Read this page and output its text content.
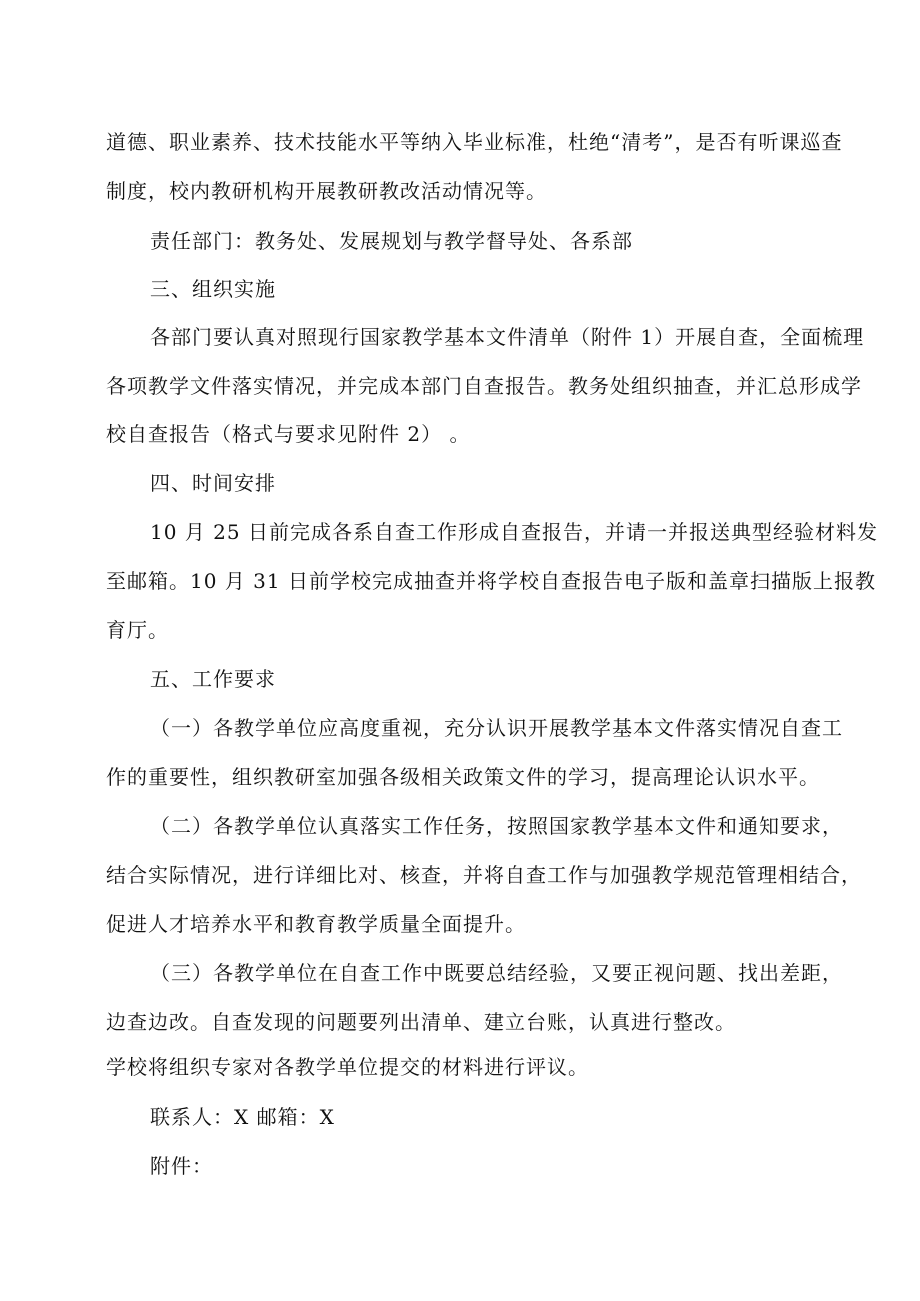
道德、职业素养、技术技能水平等纳入毕业标准，杜绝“清考”，是否有听课巡查
制度，校内教研机构开展教研教改活动情况等。
责任部门：教务处、发展规划与教学督导处、各系部
三、组织实施
各部门要认真对照现行国家教学基本文件清单（附件 1）开展自查，全面梳理
各项教学文件落实情况，并完成本部门自查报告。教务处组织抽查，并汇总形成学
校自查报告（格式与要求见附件 2） 。
四、时间安排
10 月 25 日前完成各系自查工作形成自查报告，并请一并报送典型经验材料发
至邮箱。10 月 31 日前学校完成抽查并将学校自查报告电子版和盖章扫描版上报教
育厅。
五、工作要求
（一）各教学单位应高度重视，充分认识开展教学基本文件落实情况自查工
作的重要性，组织教研室加强各级相关政策文件的学习，提高理论认识水平。
（二）各教学单位认真落实工作任务，按照国家教学基本文件和通知要求，
结合实际情况，进行详细比对、核查，并将自查工作与加强教学规范管理相结合，
促进人才培养水平和教育教学质量全面提升。
（三）各教学单位在自查工作中既要总结经验，又要正视问题、找出差距，
边查边改。自查发现的问题要列出清单、建立台账，认真进行整改。
学校将组织专家对各教学单位提交的材料进行评议。
联系人：X 邮箱：X
附件：
